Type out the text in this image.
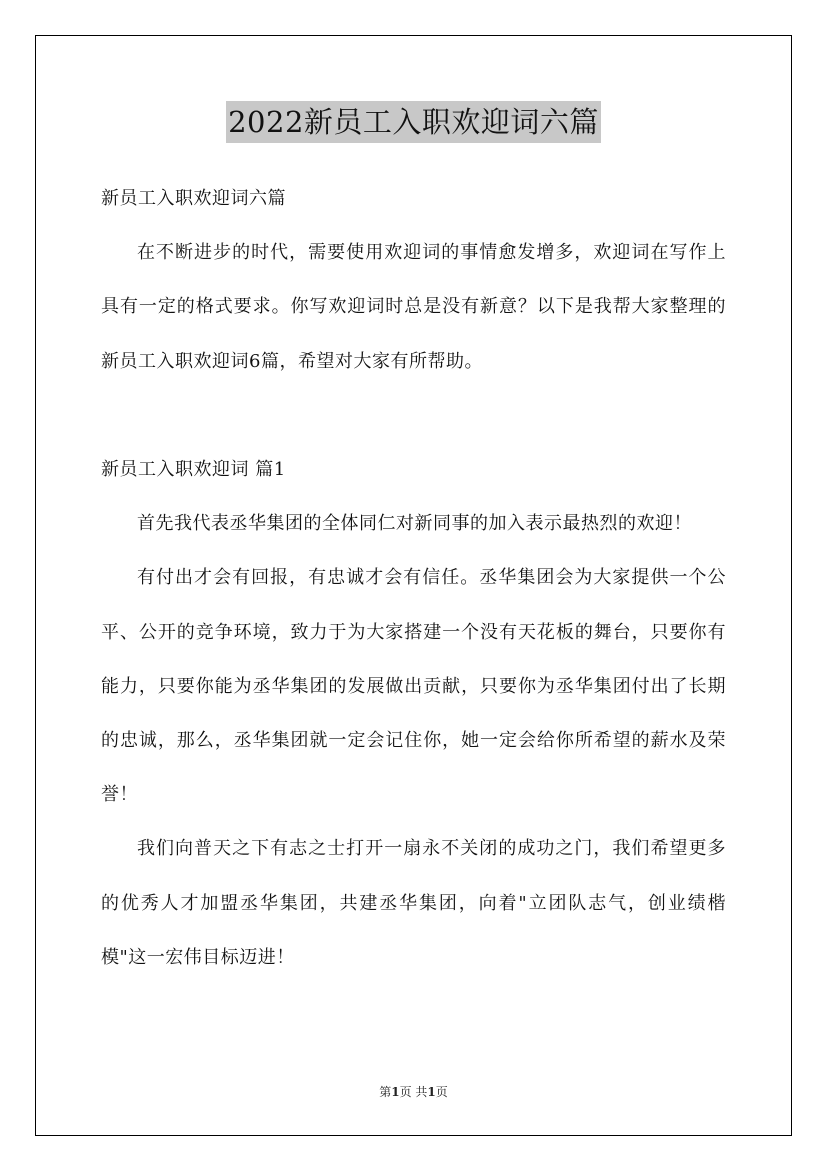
2022新员工入职欢迎词六篇

新员工入职欢迎词六篇

在不断进步的时代，需要使用欢迎词的事情愈发增多，欢迎词在写作上具有一定的格式要求。你写欢迎词时总是没有新意？以下是我帮大家整理的新员工入职欢迎词6篇，希望对大家有所帮助。

新员工入职欢迎词 篇1

首先我代表丞华集团的全体同仁对新同事的加入表示最热烈的欢迎！

有付出才会有回报，有忠诚才会有信任。丞华集团会为大家提供一个公平、公开的竞争环境，致力于为大家搭建一个没有天花板的舞台，只要你有能力，只要你能为丞华集团的发展做出贡献，只要你为丞华集团付出了长期的忠诚，那么，丞华集团就一定会记住你，她一定会给你所希望的薪水及荣誉！

我们向普天之下有志之士打开一扇永不关闭的成功之门，我们希望更多的优秀人才加盟丞华集团，共建丞华集团，向着"立团队志气，创业绩楷模"这一宏伟目标迈进！

第1页 共1页
